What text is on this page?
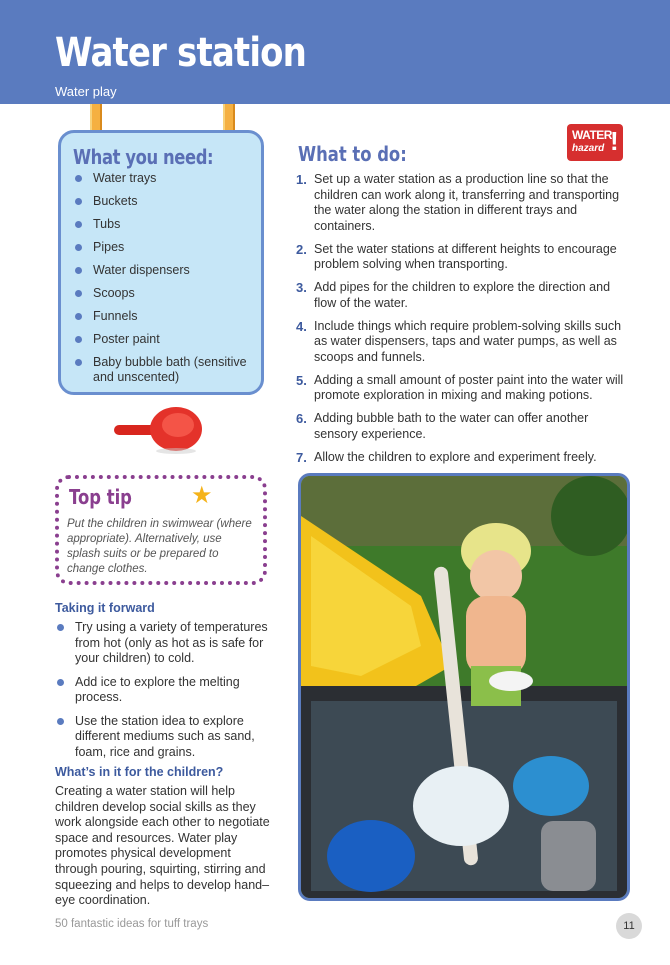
Water station
Water play
What you need:
Water trays
Buckets
Tubs
Pipes
Water dispensers
Scoops
Funnels
Poster paint
Baby bubble bath (sensitive and unscented)
Top tip ★
Put the children in swimwear (where appropriate). Alternatively, use splash suits or be prepared to change clothes.
Taking it forward
Try using a variety of temperatures from hot (only as hot as is safe for your children) to cold.
Add ice to explore the melting process.
Use the station idea to explore different mediums such as sand, foam, rice and grains.
What’s in it for the children?
Creating a water station will help children develop social skills as they work alongside each other to negotiate space and resources. Water play promotes physical development through pouring, squirting, stirring and squeezing and helps to develop hand–eye coordination.
What to do:
WATER
hazard !
1. Set up a water station as a production line so that the children can work along it, transferring and transporting the water along the station in different trays and containers.
2. Set the water stations at different heights to encourage problem solving when transporting.
3. Add pipes for the children to explore the direction and flow of the water.
4. Include things which require problem-solving skills such as water dispensers, taps and water pumps, as well as scoops and funnels.
5. Adding a small amount of poster paint into the water will promote exploration in mixing and making potions.
6. Adding bubble bath to the water can offer another sensory experience.
7. Allow the children to explore and experiment freely.
50 fantastic ideas for tuff trays	11
